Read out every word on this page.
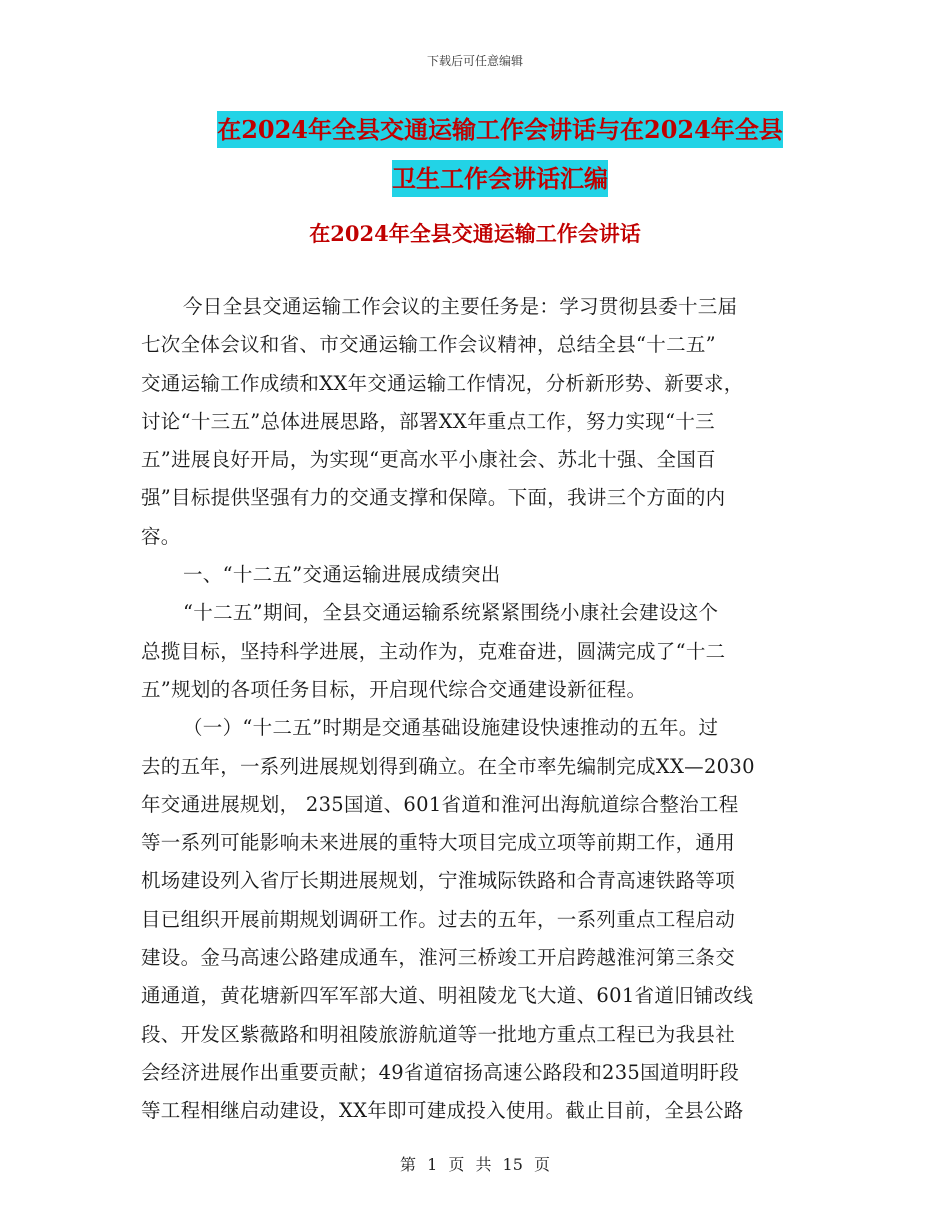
下载后可任意编辑
在2024年全县交通运输工作会讲话与在2024年全县
卫生工作会讲话汇编
在2024年全县交通运输工作会讲话
今日全县交通运输工作会议的主要任务是：学习贯彻县委十三届
七次全体会议和省、市交通运输工作会议精神，总结全县“十二五”
交通运输工作成绩和XX年交通运输工作情况，分析新形势、新要求，
讨论“十三五”总体进展思路，部署XX年重点工作，努力实现“十三
五”进展良好开局，为实现“更高水平小康社会、苏北十强、全国百
强”目标提供坚强有力的交通支撑和保障。下面，我讲三个方面的内
容。
一、“十二五”交通运输进展成绩突出
“十二五”期间，全县交通运输系统紧紧围绕小康社会建设这个
总揽目标，坚持科学进展，主动作为，克难奋进，圆满完成了“十二
五”规划的各项任务目标，开启现代综合交通建设新征程。
（一）“十二五”时期是交通基础设施建设快速推动的五年。过
去的五年，一系列进展规划得到确立。在全市率先编制完成XX—2030
年交通进展规划， 235国道、601省道和淮河出海航道综合整治工程
等一系列可能影响未来进展的重特大项目完成立项等前期工作，通用
机场建设列入省厅长期进展规划，宁淮城际铁路和合青高速铁路等项
目已组织开展前期规划调研工作。过去的五年，一系列重点工程启动
建设。金马高速公路建成通车，淮河三桥竣工开启跨越淮河第三条交
通通道，黄花塘新四军军部大道、明祖陵龙飞大道、601省道旧铺改线
段、开发区紫薇路和明祖陵旅游航道等一批地方重点工程已为我县社
会经济进展作出重要贡献；49省道宿扬高速公路段和235国道明盱段
等工程相继启动建设，XX年即可建成投入使用。截止目前，全县公路
第 1 页 共 15 页
